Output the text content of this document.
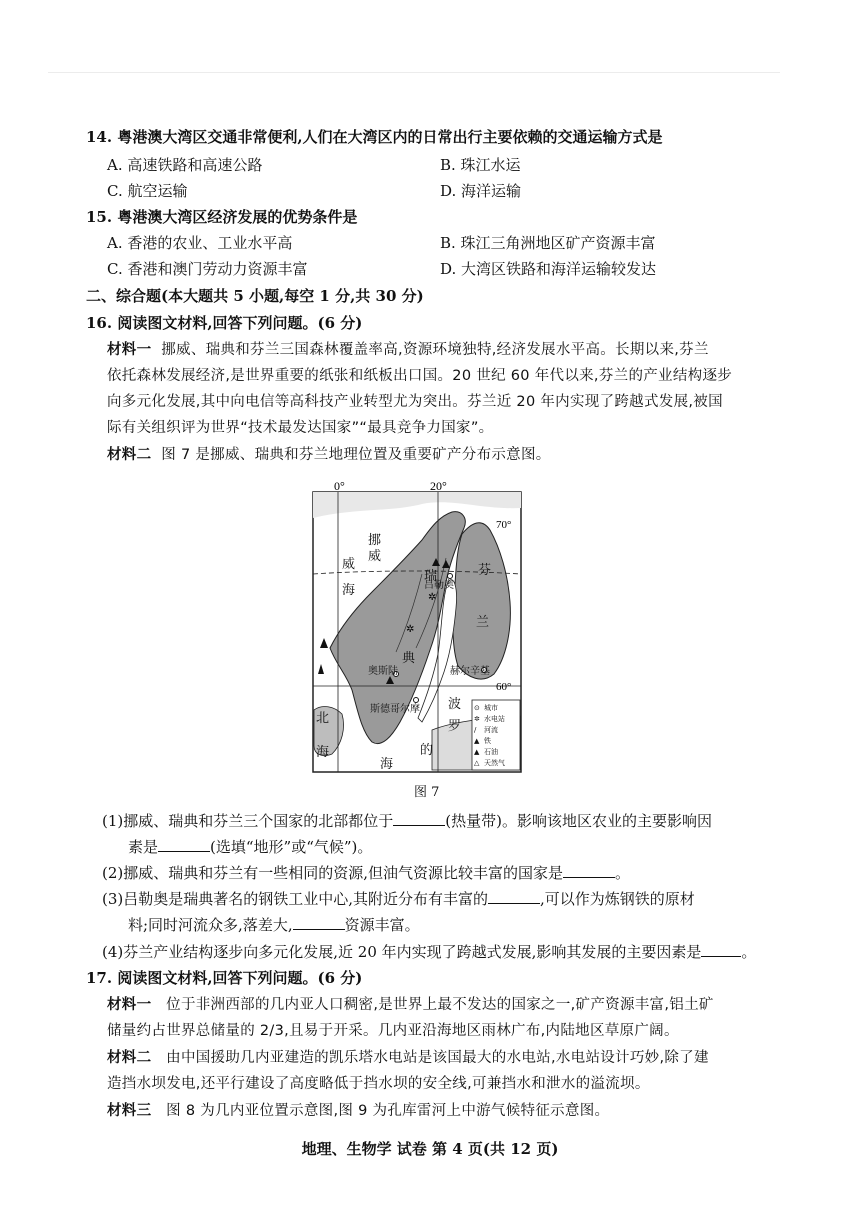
14. 粤港澳大湾区交通非常便利,人们在大湾区内的日常出行主要依赖的交通运输方式是
A. 高速铁路和高速公路	B. 珠江水运
C. 航空运输	D. 海洋运输
15. 粤港澳大湾区经济发展的优势条件是
A. 香港的农业、工业水平高	B. 珠江三角洲地区矿产资源丰富
C. 香港和澳门劳动力资源丰富	D. 大湾区铁路和海洋运输较发达
二、综合题(本大题共 5 小题,每空 1 分,共 30 分)
16. 阅读图文材料,回答下列问题。(6 分)
材料一 挪威、瑞典和芬兰三国森林覆盖率高,资源环境独特,经济发展水平高。长期以来,芬兰
依托森林发展经济,是世界重要的纸张和纸板出口国。20 世纪 60 年代以来,芬兰的产业结构逐步
向多元化发展,其中向电信等高科技产业转型尤为突出。芬兰近 20 年内实现了跨越式发展,被国
际有关组织评为世界“技术最发达国家”“最具竞争力国家”。
材料二 图 7 是挪威、瑞典和芬兰地理位置及重要矿产分布示意图。
✲
✲
0°	20°
70°
60°
挪
威
瑞
典
芬
兰
威
海
北
海
波
罗
的
海
吕勒奥
奥斯陆
斯德哥尔摩
赫尔辛基
⊙ 城市
✲ 水电站
/ 河流
▲ 铁
▲ 石油
△ 天然气
图 7
(1)挪威、瑞典和芬兰三个国家的北部都位于	(热量带)。影响该地区农业的主要影响因
素是	(选填“地形”或“气候”)。
(2)挪威、瑞典和芬兰有一些相同的资源,但油气资源比较丰富的国家是	。
(3)吕勒奥是瑞典著名的钢铁工业中心,其附近分布有丰富的	,可以作为炼钢铁的原材
料;同时河流众多,落差大,	资源丰富。
(4)芬兰产业结构逐步向多元化发展,近 20 年内实现了跨越式发展,影响其发展的主要因素是	。
17. 阅读图文材料,回答下列问题。(6 分)
材料一 位于非洲西部的几内亚人口稠密,是世界上最不发达的国家之一,矿产资源丰富,铝土矿
储量约占世界总储量的 2/3,且易于开采。几内亚沿海地区雨林广布,内陆地区草原广阔。
材料二 由中国援助几内亚建造的凯乐塔水电站是该国最大的水电站,水电站设计巧妙,除了建
造挡水坝发电,还平行建设了高度略低于挡水坝的安全线,可兼挡水和泄水的溢流坝。
材料三 图 8 为几内亚位置示意图,图 9 为孔库雷河上中游气候特征示意图。
地理、生物学 试卷 第 4 页(共 12 页)
